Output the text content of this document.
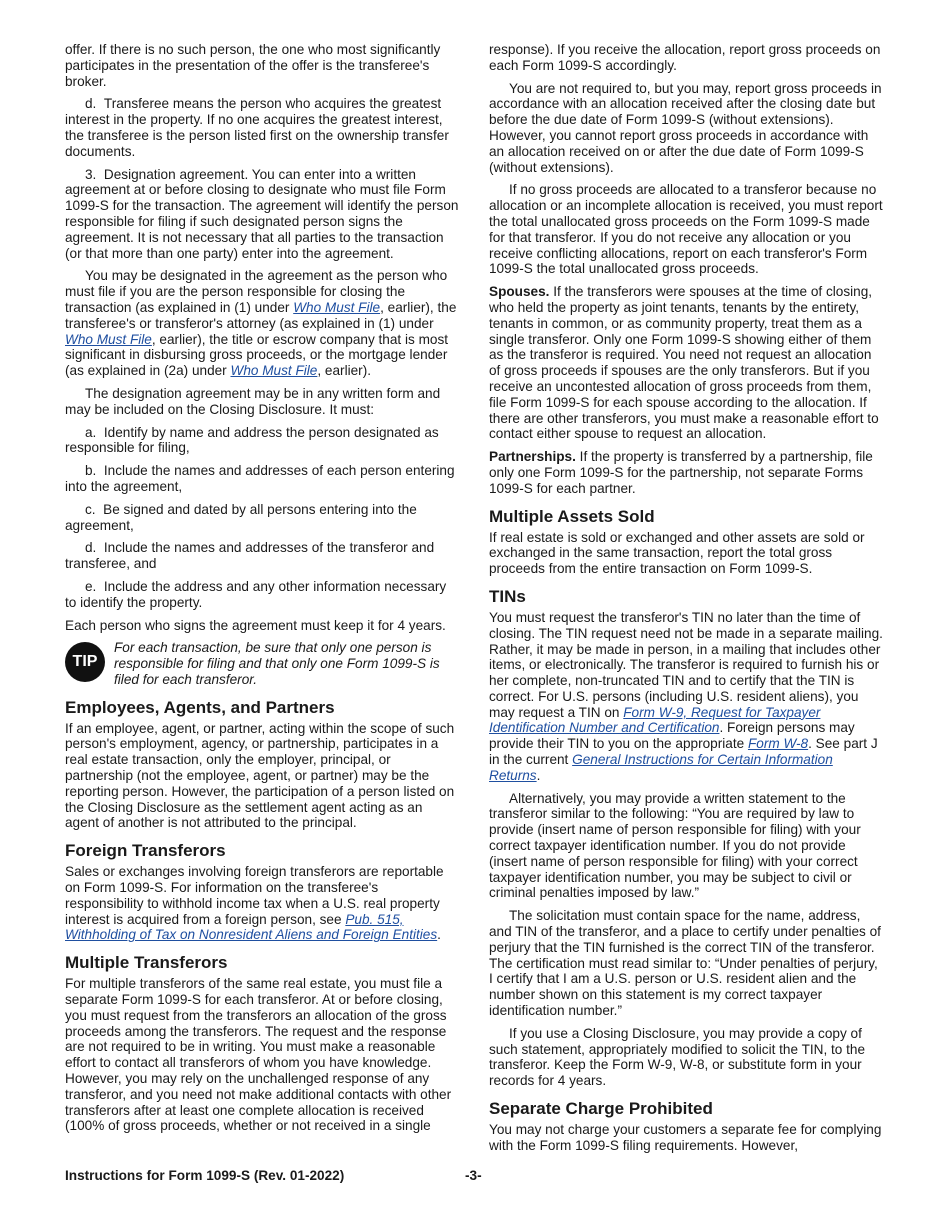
offer. If there is no such person, the one who most significantly participates in the presentation of the offer is the transferee's broker.

d.  Transferee means the person who acquires the greatest interest in the property. If no one acquires the greatest interest, the transferee is the person listed first on the ownership transfer documents.

3.  Designation agreement. You can enter into a written agreement at or before closing to designate who must file Form 1099-S for the transaction. The agreement will identify the person responsible for filing if such designated person signs the agreement. It is not necessary that all parties to the transaction (or that more than one party) enter into the agreement.

You may be designated in the agreement as the person who must file if you are the person responsible for closing the transaction (as explained in (1) under Who Must File, earlier), the transferee's or transferor's attorney (as explained in (1) under Who Must File, earlier), the title or escrow company that is most significant in disbursing gross proceeds, or the mortgage lender (as explained in (2a) under Who Must File, earlier).

The designation agreement may be in any written form and may be included on the Closing Disclosure. It must:

a.  Identify by name and address the person designated as responsible for filing,

b.  Include the names and addresses of each person entering into the agreement,

c.  Be signed and dated by all persons entering into the agreement,

d.  Include the names and addresses of the transferor and transferee, and

e.  Include the address and any other information necessary to identify the property.

Each person who signs the agreement must keep it for 4 years.

TIP
For each transaction, be sure that only one person is responsible for filing and that only one Form 1099-S is filed for each transferor.
Employees, Agents, and Partners

If an employee, agent, or partner, acting within the scope of such person's employment, agency, or partnership, participates in a real estate transaction, only the employer, principal, or partnership (not the employee, agent, or partner) may be the reporting person. However, the participation of a person listed on the Closing Disclosure as the settlement agent acting as an agent of another is not attributed to the principal.

Foreign Transferors

Sales or exchanges involving foreign transferors are reportable on Form 1099-S. For information on the transferee's responsibility to withhold income tax when a U.S. real property interest is acquired from a foreign person, see Pub. 515, Withholding of Tax on Nonresident Aliens and Foreign Entities.

Multiple Transferors

For multiple transferors of the same real estate, you must file a separate Form 1099-S for each transferor. At or before closing, you must request from the transferors an allocation of the gross proceeds among the transferors. The request and the response are not required to be in writing. You must make a reasonable effort to contact all transferors of whom you have knowledge. However, you may rely on the unchallenged response of any transferor, and you need not make additional contacts with other transferors after at least one complete allocation is received (100% of gross proceeds, whether or not received in a single

response). If you receive the allocation, report gross proceeds on each Form 1099-S accordingly.

You are not required to, but you may, report gross proceeds in accordance with an allocation received after the closing date but before the due date of Form 1099-S (without extensions). However, you cannot report gross proceeds in accordance with an allocation received on or after the due date of Form 1099-S (without extensions).

If no gross proceeds are allocated to a transferor because no allocation or an incomplete allocation is received, you must report the total unallocated gross proceeds on the Form 1099-S made for that transferor. If you do not receive any allocation or you receive conflicting allocations, report on each transferor's Form 1099-S the total unallocated gross proceeds.

Spouses. If the transferors were spouses at the time of closing, who held the property as joint tenants, tenants by the entirety, tenants in common, or as community property, treat them as a single transferor. Only one Form 1099-S showing either of them as the transferor is required. You need not request an allocation of gross proceeds if spouses are the only transferors. But if you receive an uncontested allocation of gross proceeds from them, file Form 1099-S for each spouse according to the allocation. If there are other transferors, you must make a reasonable effort to contact either spouse to request an allocation.

Partnerships. If the property is transferred by a partnership, file only one Form 1099-S for the partnership, not separate Forms 1099-S for each partner.

Multiple Assets Sold

If real estate is sold or exchanged and other assets are sold or exchanged in the same transaction, report the total gross proceeds from the entire transaction on Form 1099-S.

TINs

You must request the transferor's TIN no later than the time of closing. The TIN request need not be made in a separate mailing. Rather, it may be made in person, in a mailing that includes other items, or electronically. The transferor is required to furnish his or her complete, non-truncated TIN and to certify that the TIN is correct. For U.S. persons (including U.S. resident aliens), you may request a TIN on Form W-9, Request for Taxpayer Identification Number and Certification. Foreign persons may provide their TIN to you on the appropriate Form W-8. See part J in the current General Instructions for Certain Information Returns.

Alternatively, you may provide a written statement to the transferor similar to the following: “You are required by law to provide (insert name of person responsible for filing) with your correct taxpayer identification number. If you do not provide (insert name of person responsible for filing) with your correct taxpayer identification number, you may be subject to civil or criminal penalties imposed by law.”

The solicitation must contain space for the name, address, and TIN of the transferor, and a place to certify under penalties of perjury that the TIN furnished is the correct TIN of the transferor. The certification must read similar to: “Under penalties of perjury, I certify that I am a U.S. person or U.S. resident alien and the number shown on this statement is my correct taxpayer identification number.”

If you use a Closing Disclosure, you may provide a copy of such statement, appropriately modified to solicit the TIN, to the transferor. Keep the Form W-9, W-8, or substitute form in your records for 4 years.

Separate Charge Prohibited

You may not charge your customers a separate fee for complying with the Form 1099-S filing requirements. However,

Instructions for Form 1099-S (Rev. 01-2022)	-3-
